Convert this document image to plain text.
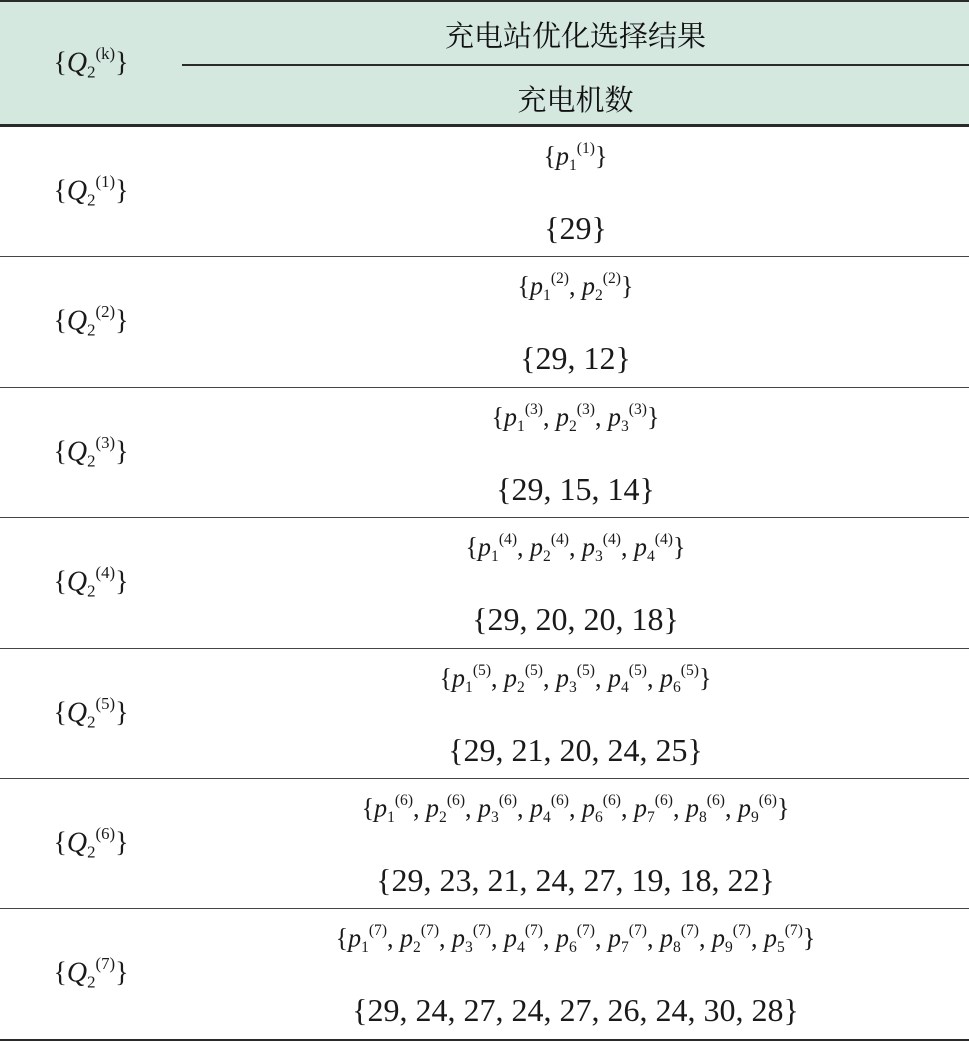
$\{Q_2^{(k)}\}$
充电站优化选择结果
充电机数
$\{Q_2^{(1)}\}$
$\{p_1^{(1)}\}$
{29}
$\{Q_2^{(2)}\}$
{$p_1^{(2)}$, $p_2^{(2)}$}
{29, 12}
$\{Q_2^{(3)}\}$
{$p_1^{(3)}$, $p_2^{(3)}$, $p_3^{(3)}$}
{29, 15, 14}
$\{Q_2^{(4)}\}$
{$p_1^{(4)}$, $p_2^{(4)}$, $p_3^{(4)}$, $p_4^{(4)}$}
{29, 20, 20, 18}
$\{Q_2^{(5)}\}$
{$p_1^{(5)}$, $p_2^{(5)}$, $p_3^{(5)}$, $p_4^{(5)}$, $p_6^{(5)}$}
{29, 21, 20, 24, 25}
$\{Q_2^{(6)}\}$
{$p_1^{(6)}$, $p_2^{(6)}$, $p_3^{(6)}$, $p_4^{(6)}$, $p_6^{(6)}$, $p_7^{(6)}$, $p_8^{(6)}$, $p_9^{(6)}$}
{29, 23, 21, 24, 27, 19, 18, 22}
$\{Q_2^{(7)}\}$
{$p_1^{(7)}$, $p_2^{(7)}$, $p_3^{(7)}$, $p_4^{(7)}$, $p_6^{(7)}$, $p_7^{(7)}$, $p_8^{(7)}$, $p_9^{(7)}$, $p_5^{(7)}$}
{29, 24, 27, 24, 27, 26, 24, 30, 28}
